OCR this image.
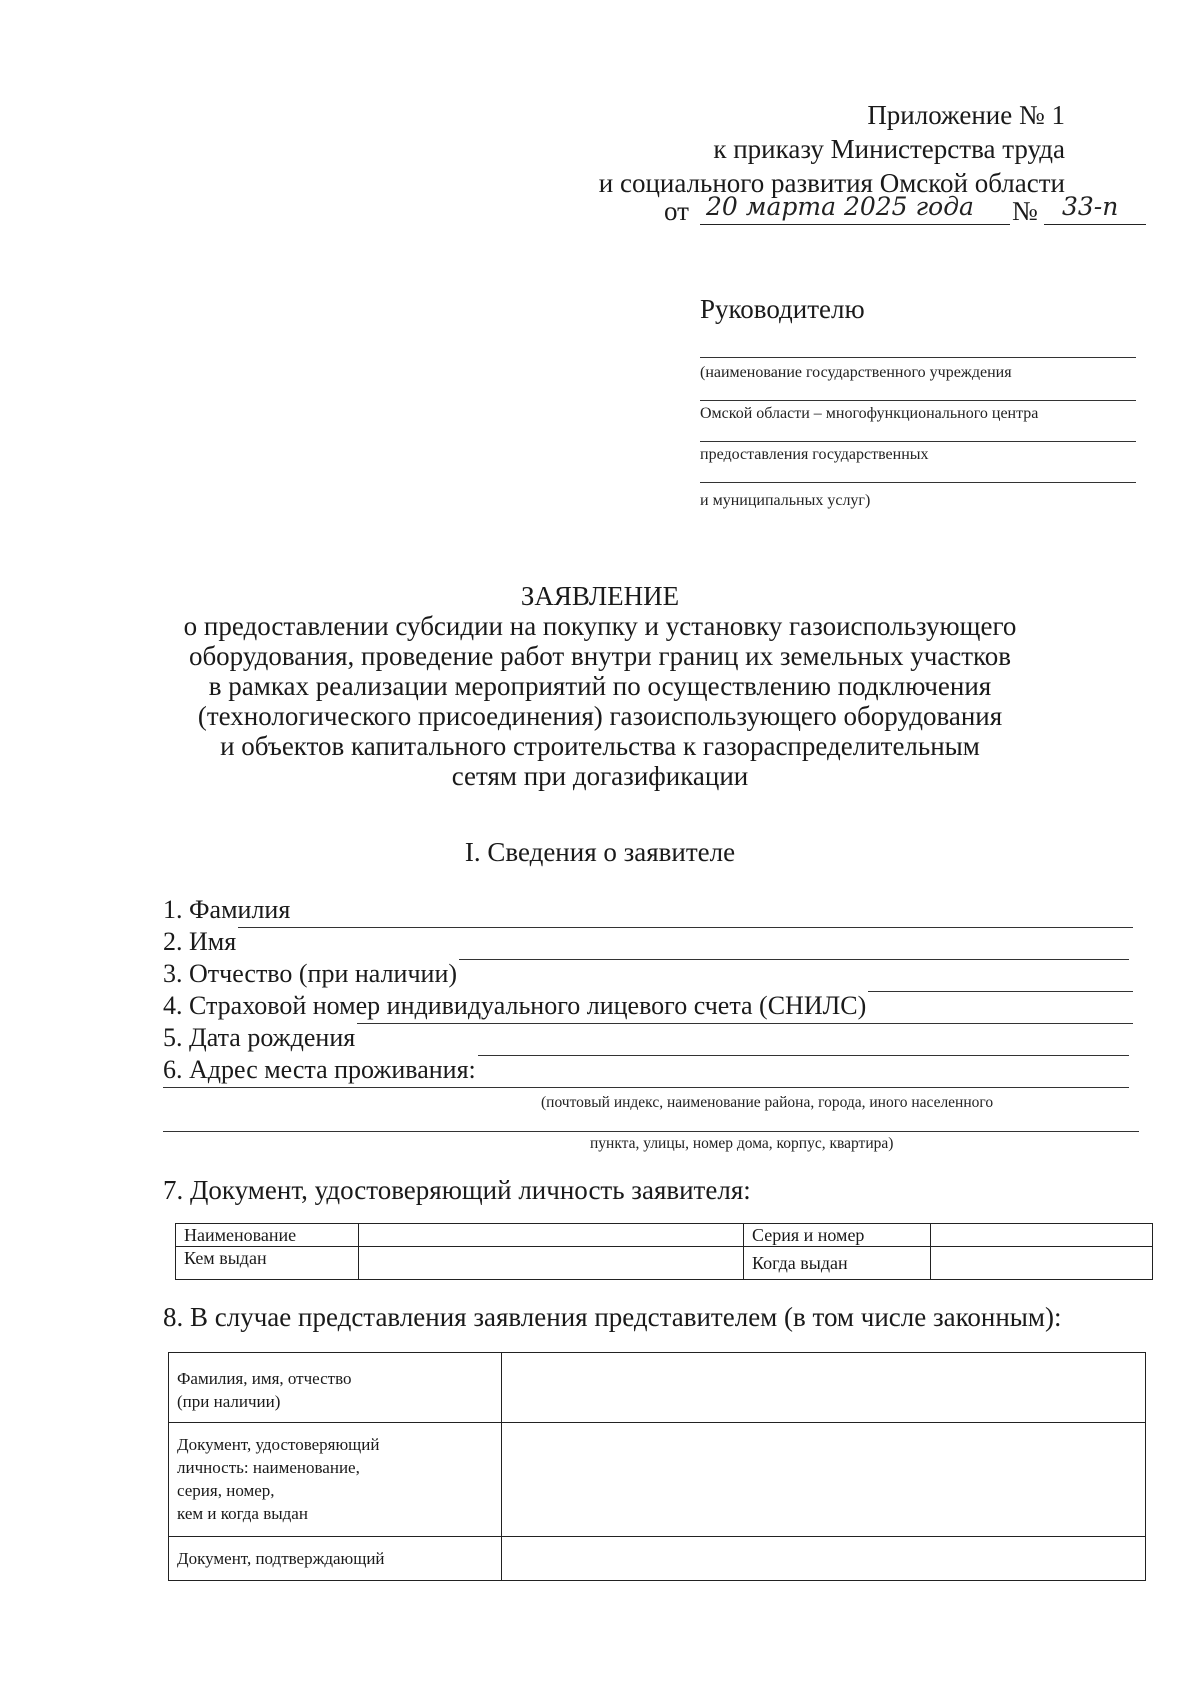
Приложение № 1
к приказу Министерства труда
и социального развития Омской области
от 20 марта 2025 года № 33-п
Руководителю
(наименование государственного учреждения
Омской области – многофункционального центра
предоставления государственных
и муниципальных услуг)
ЗАЯВЛЕНИЕ
о предоставлении субсидии на покупку и установку газоиспользующего
оборудования, проведение работ внутри границ их земельных участков
в рамках реализации мероприятий по осуществлению подключения
(технологического присоединения) газоиспользующего оборудования
и объектов капитального строительства к газораспределительным
сетям при догазификации
I. Сведения о заявителе
1. Фамилия
2. Имя
3. Отчество (при наличии)
4. Страховой номер индивидуального лицевого счета (СНИЛС)
5. Дата рождения
6. Адрес места проживания:
(почтовый индекс, наименование района, города, иного населенного
пункта, улицы, номер дома, корпус, квартира)
7. Документ, удостоверяющий личность заявителя:
Наименование		Серия и номер	
Кем выдан		Когда выдан	
8. В случае представления заявления представителем (в том числе законным):
Фамилия, имя, отчество
(при наличии)	

Документ, удостоверяющий
личность: наименование,
серия, номер,
кем и когда выдан	

Документ, подтверждающий	
